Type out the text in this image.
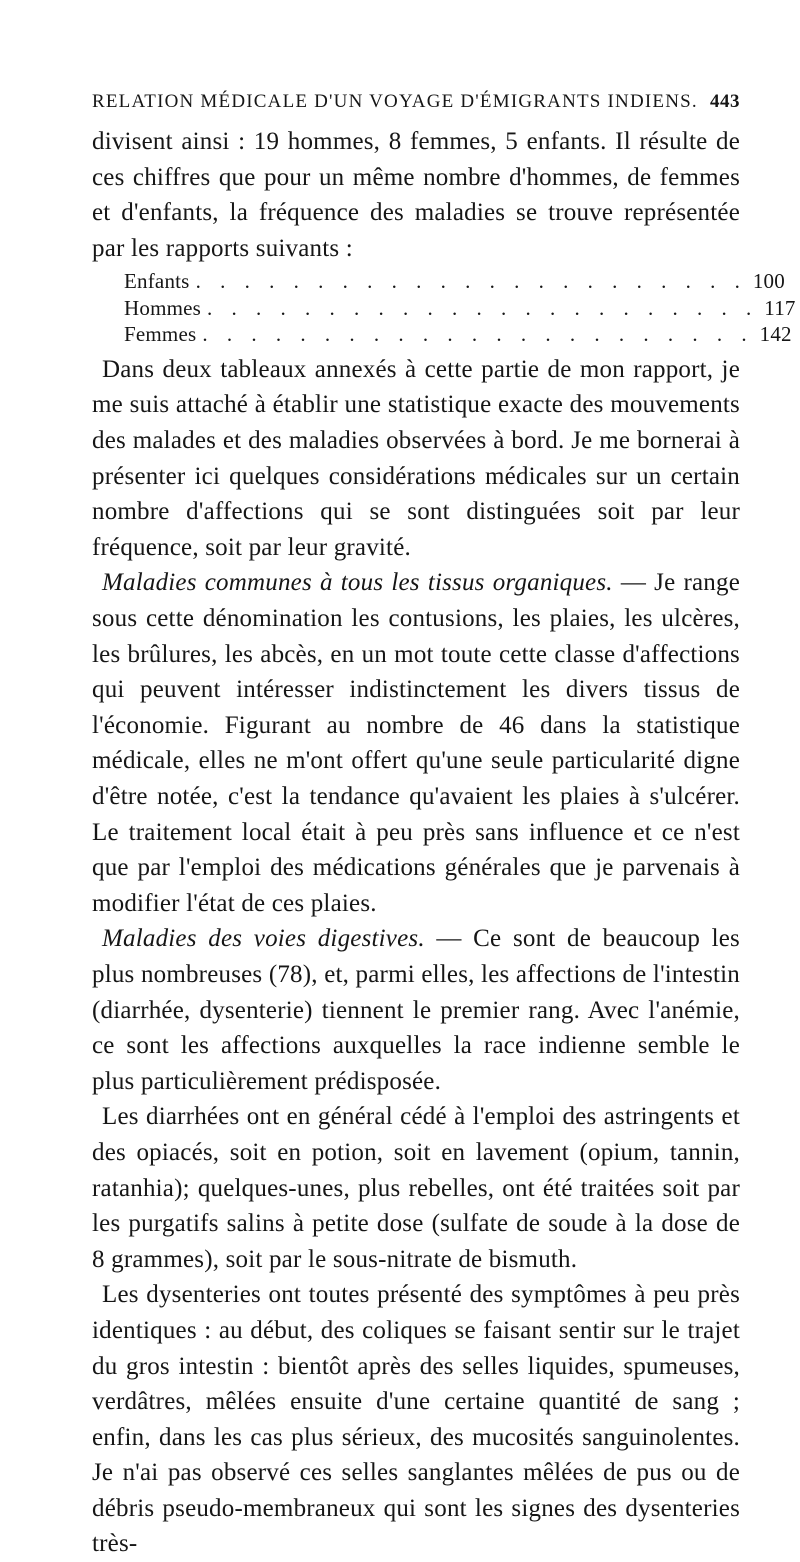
RELATION MÉDICALE D'UN VOYAGE D'ÉMIGRANTS INDIENS. 443

divisent ainsi : 19 hommes, 8 femmes, 5 enfants. Il résulte de ces chiffres que pour un même nombre d'hommes, de femmes et d'enfants, la fréquence des maladies se trouve représentée par les rapports suivants :

Enfants . . . . . . . . . . . . . . . . . . . . . . . 100
Hommes . . . . . . . . . . . . . . . . . . . . . . . 117
Femmes . . . . . . . . . . . . . . . . . . . . . . . 142

Dans deux tableaux annexés à cette partie de mon rapport, je me suis attaché à établir une statistique exacte des mouvements des malades et des maladies observées à bord. Je me bornerai à présenter ici quelques considérations médicales sur un certain nombre d'affections qui se sont distinguées soit par leur fréquence, soit par leur gravité.

Maladies communes à tous les tissus organiques. — Je range sous cette dénomination les contusions, les plaies, les ulcères, les brûlures, les abcès, en un mot toute cette classe d'affections qui peuvent intéresser indistinctement les divers tissus de l'économie. Figurant au nombre de 46 dans la statistique médicale, elles ne m'ont offert qu'une seule particularité digne d'être notée, c'est la tendance qu'avaient les plaies à s'ulcérer. Le traitement local était à peu près sans influence et ce n'est que par l'emploi des médications générales que je parvenais à modifier l'état de ces plaies.

Maladies des voies digestives. — Ce sont de beaucoup les plus nombreuses (78), et, parmi elles, les affections de l'intestin (diarrhée, dysenterie) tiennent le premier rang. Avec l'anémie, ce sont les affections auxquelles la race indienne semble le plus particulièrement prédisposée.

Les diarrhées ont en général cédé à l'emploi des astringents et des opiacés, soit en potion, soit en lavement (opium, tannin, ratanhia); quelques-unes, plus rebelles, ont été traitées soit par les purgatifs salins à petite dose (sulfate de soude à la dose de 8 grammes), soit par le sous-nitrate de bismuth.

Les dysenteries ont toutes présenté des symptômes à peu près identiques : au début, des coliques se faisant sentir sur le trajet du gros intestin : bientôt après des selles liquides, spumeuses, verdâtres, mêlées ensuite d'une certaine quantité de sang ; enfin, dans les cas plus sérieux, des mucosités sanguinolentes. Je n'ai pas observé ces selles sanglantes mêlées de pus ou de débris pseudo-membraneux qui sont les signes des dysenteries très-
